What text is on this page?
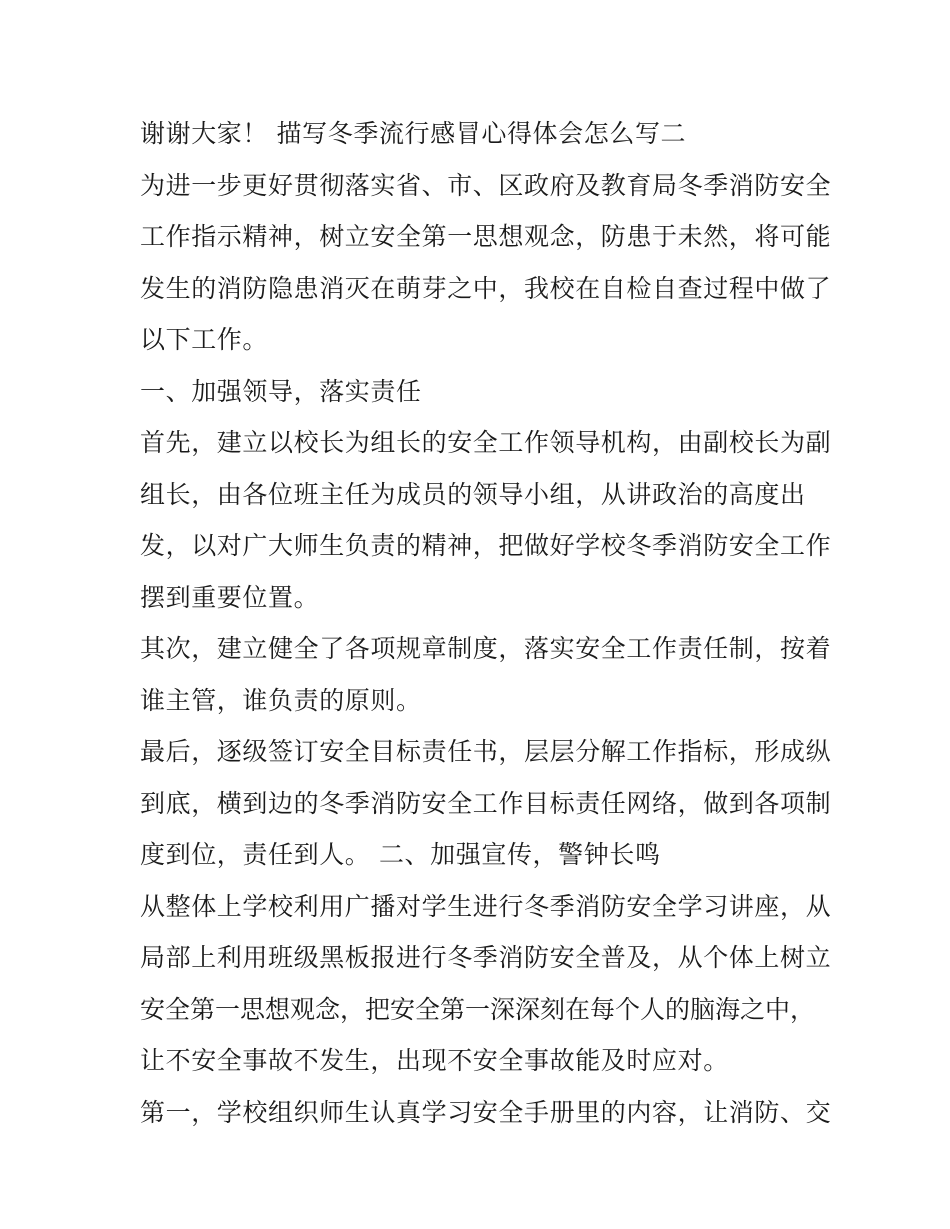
谢谢大家！ 描写冬季流行感冒心得体会怎么写二
为进一步更好贯彻落实省、市、区政府及教育局冬季消防安全
工作指示精神，树立安全第一思想观念，防患于未然，将可能
发生的消防隐患消灭在萌芽之中，我校在自检自查过程中做了
以下工作。
一、加强领导，落实责任
首先，建立以校长为组长的安全工作领导机构，由副校长为副
组长，由各位班主任为成员的领导小组，从讲政治的高度出
发，以对广大师生负责的精神，把做好学校冬季消防安全工作
摆到重要位置。
其次，建立健全了各项规章制度，落实安全工作责任制，按着
谁主管，谁负责的原则。
最后，逐级签订安全目标责任书，层层分解工作指标，形成纵
到底，横到边的冬季消防安全工作目标责任网络，做到各项制
度到位，责任到人。 二、加强宣传，警钟长鸣
从整体上学校利用广播对学生进行冬季消防安全学习讲座，从
局部上利用班级黑板报进行冬季消防安全普及，从个体上树立
安全第一思想观念，把安全第一深深刻在每个人的脑海之中，
让不安全事故不发生，出现不安全事故能及时应对。
第一，学校组织师生认真学习安全手册里的内容，让消防、交
